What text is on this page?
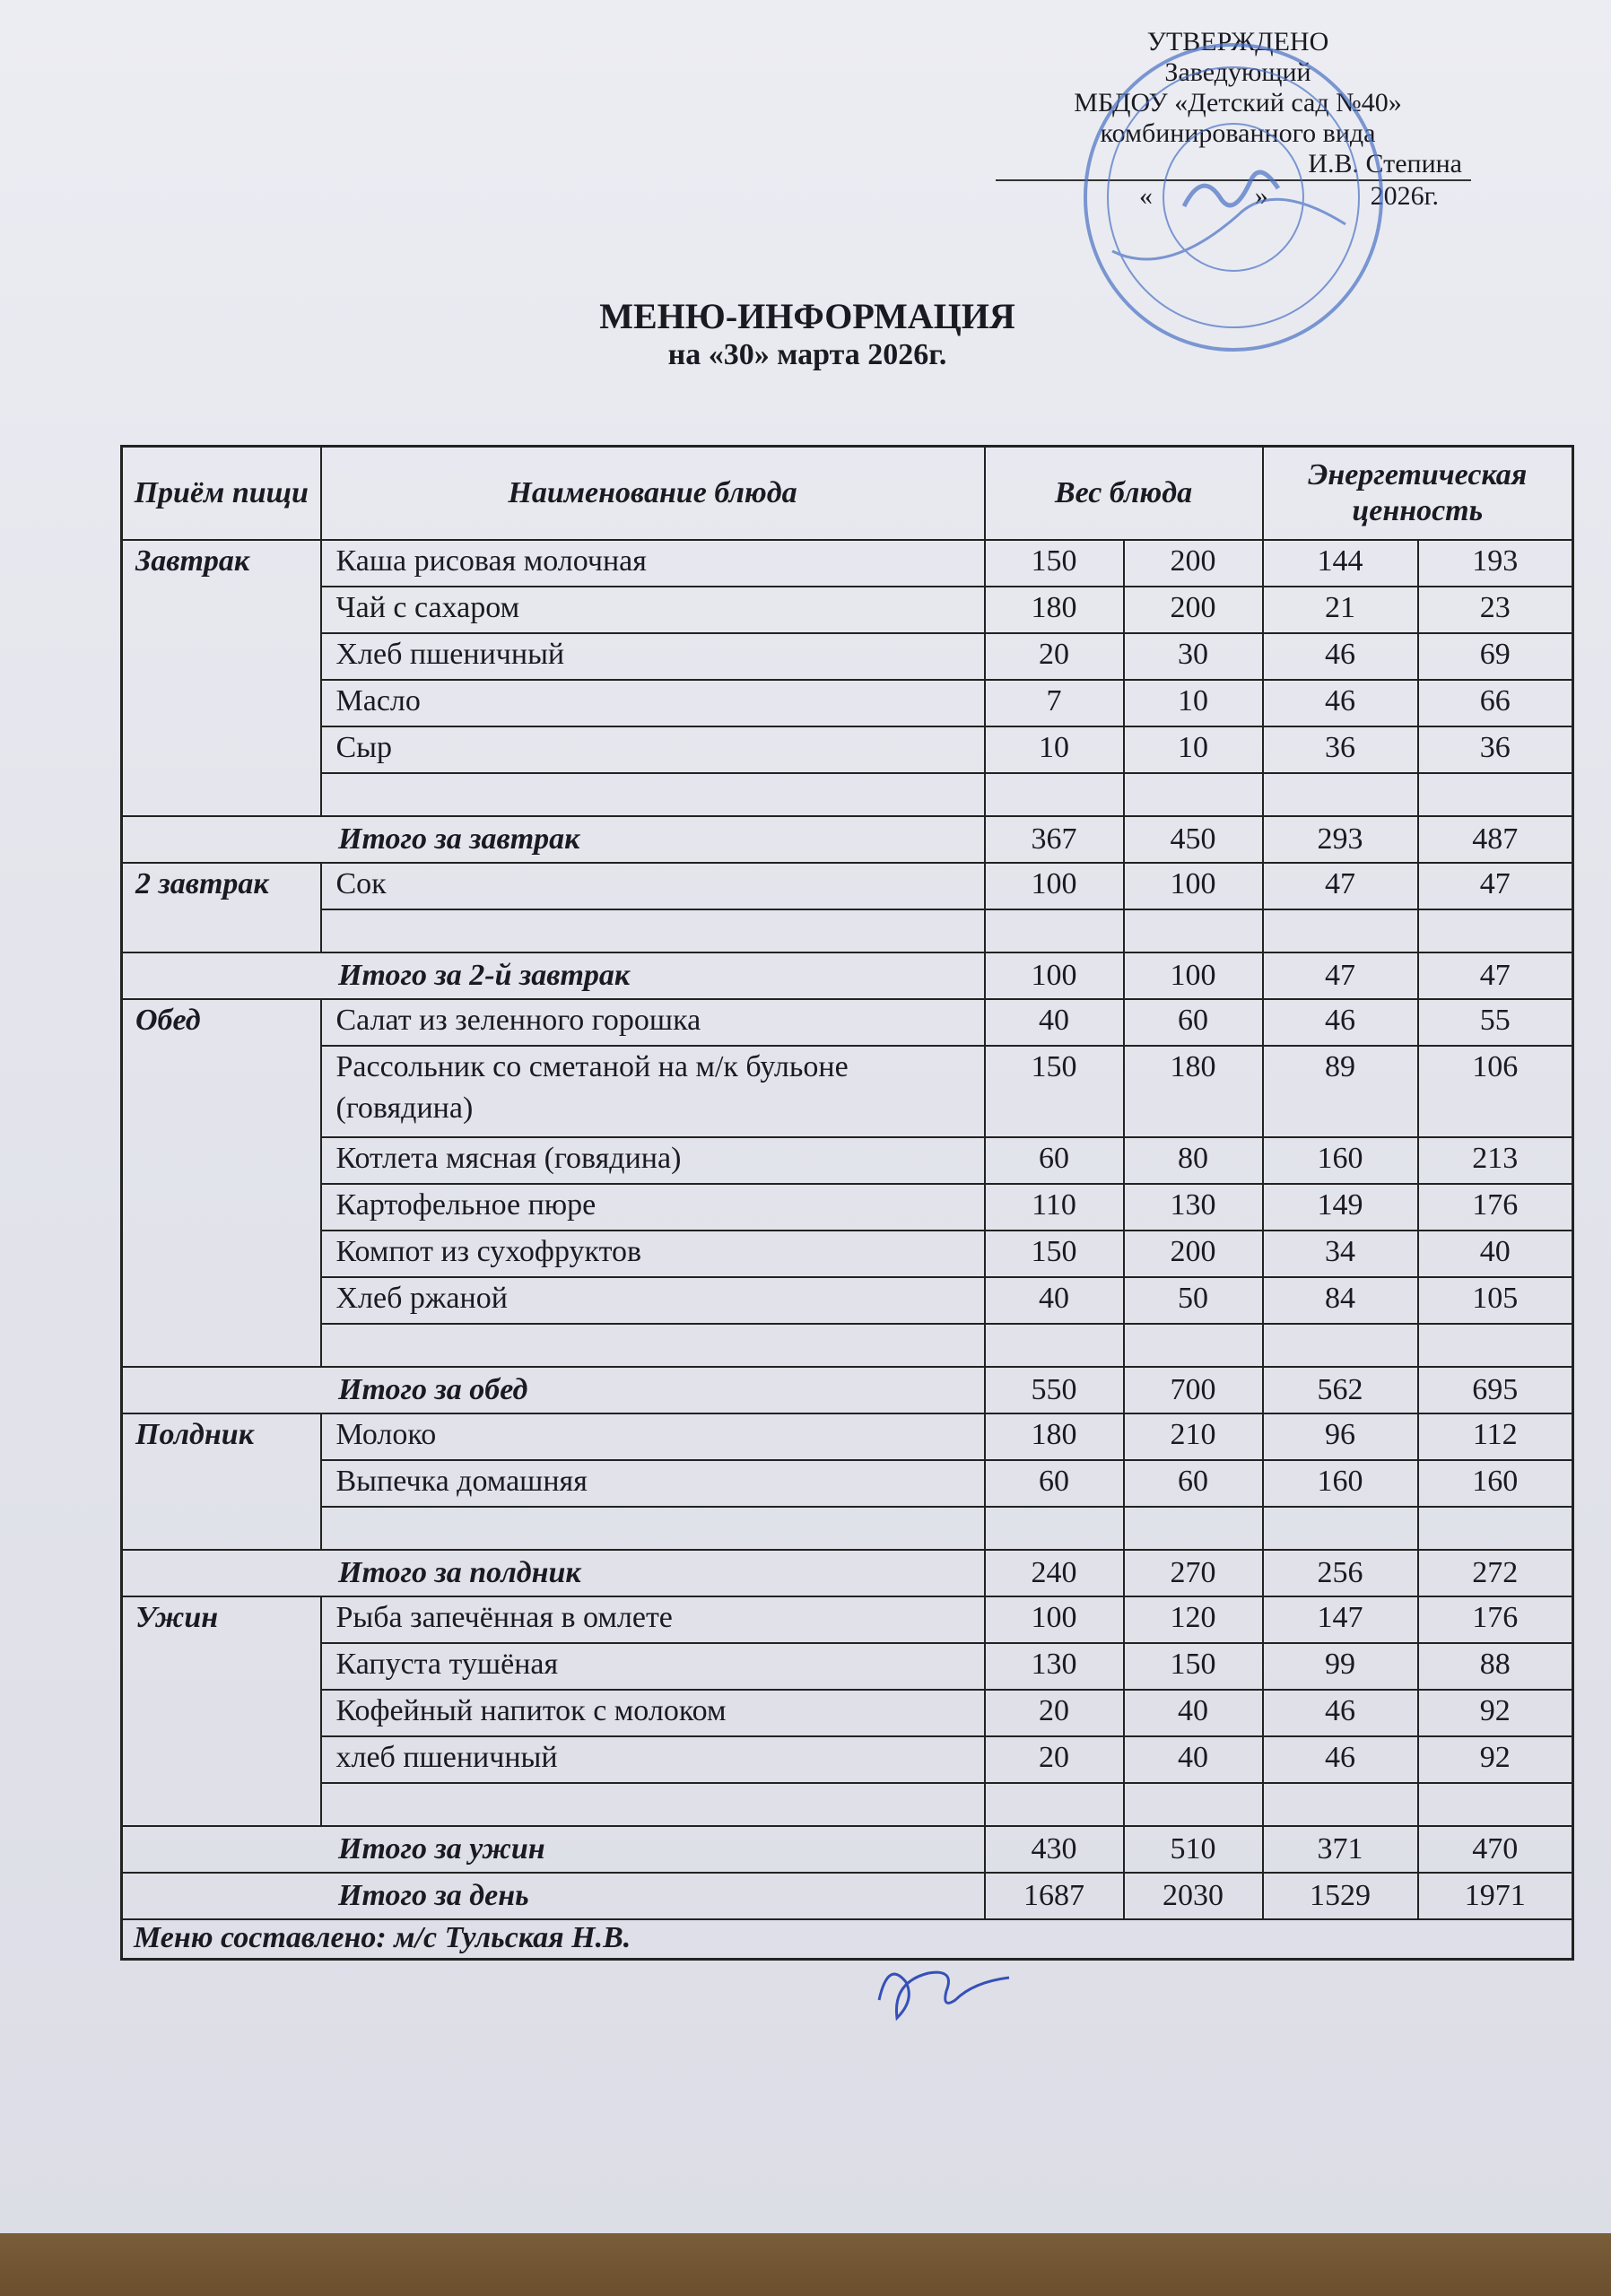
УТВЕРЖДЕНО
Заведующий
МБДОУ «Детский сад №40»
комбинированного вида
И.В. Степина
«	»	2026г.
МЕНЮ-ИНФОРМАЦИЯ
на «30» марта 2026г.
Приём пищи	Наименование блюда	Вес блюда		Энергетическая ценность	
Завтрак	Каша рисовая молочная	150	200	144	193
	Чай с сахаром	180	200	21	23
	Хлеб пшеничный	20	30	46	69
	Масло	7	10	46	66
	Сыр	10	10	36	36

Итого за завтрак		367	450	293	487
2 завтрак	Сок	100	100	47	47

Итого за 2-й завтрак		100	100	47	47
Обед	Салат из зеленного горошка	40	60	46	55
	Рассольник со сметаной на м/к бульоне (говядина)	150	180	89	106
	Котлета мясная (говядина)	60	80	160	213
	Картофельное пюре	110	130	149	176
	Компот из сухофруктов	150	200	34	40
	Хлеб ржаной	40	50	84	105

Итого за обед		550	700	562	695
Полдник	Молоко	180	210	96	112
	Выпечка домашняя	60	60	160	160

Итого за полдник		240	270	256	272
Ужин	Рыба запечённая в омлете	100	120	147	176
	Капуста тушёная	130	150	99	88
	Кофейный напиток с молоком	20	40	46	92
	хлеб пшеничный	20	40	46	92

Итого за ужин		430	510	371	470
Итого за день		1687	2030	1529	1971
Меню составлено: м/с Тульская Н.В.					
